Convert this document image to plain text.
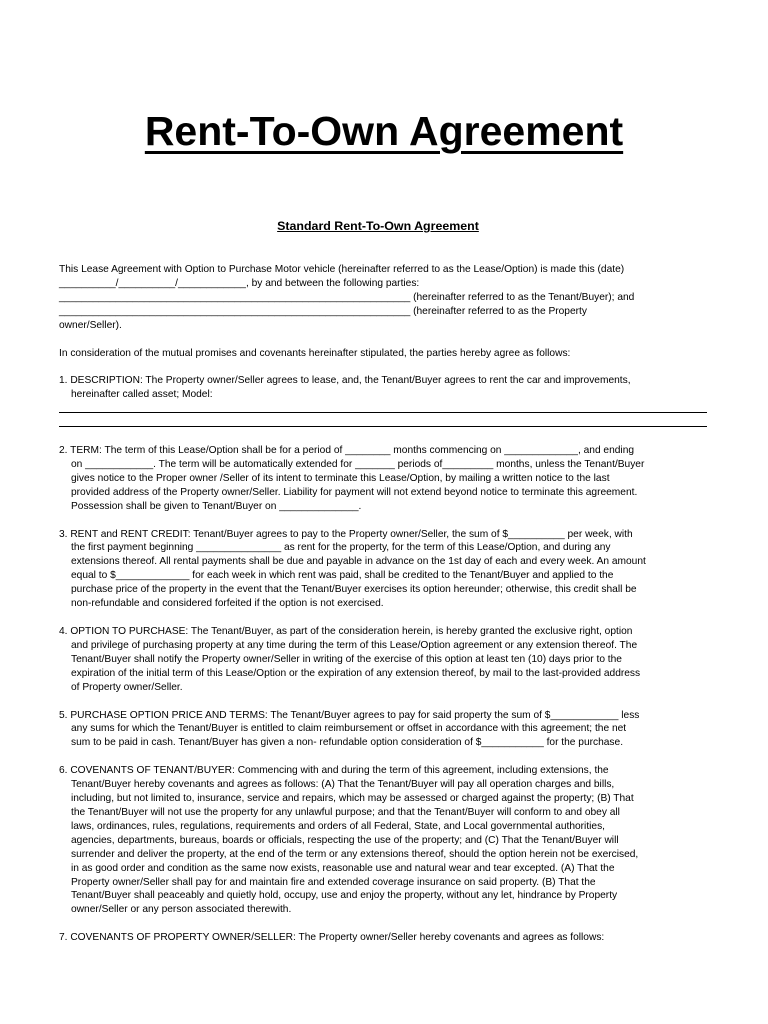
Rent-To-Own Agreement
Standard Rent-To-Own Agreement

This Lease Agreement with Option to Purchase Motor vehicle (hereinafter referred to as the Lease/Option) is made this (date)

__________/__________/____________, by and between the following parties:

______________________________________________________________ (hereinafter referred to as the Tenant/Buyer); and

______________________________________________________________ (hereinafter referred to as the Property

owner/Seller).

In consideration of the mutual promises and covenants hereinafter stipulated, the parties hereby agree as follows:

1. DESCRIPTION: The Property owner/Seller agrees to lease, and, the Tenant/Buyer agrees to rent the car and improvements,

hereinafter called asset; Model:

2. TERM: The term of this Lease/Option shall be for a period of ________ months commencing on _____________, and ending

on ____________. The term will be automatically extended for _______ periods of_________ months, unless the Tenant/Buyer

gives notice to the Proper owner /Seller of its intent to terminate this Lease/Option, by mailing a written notice to the last

provided address of the Property owner/Seller. Liability for payment will not extend beyond notice to terminate this agreement.

Possession shall be given to Tenant/Buyer on ______________.

3. RENT and RENT CREDIT: Tenant/Buyer agrees to pay to the Property owner/Seller, the sum of $__________ per week, with

the first payment beginning _______________ as rent for the property, for the term of this Lease/Option, and during any

extensions thereof. All rental payments shall be due and payable in advance on the 1st day of each and every week. An amount

equal to $_____________ for each week in which rent was paid, shall be credited to the Tenant/Buyer and applied to the

purchase price of the property in the event that the Tenant/Buyer exercises its option hereunder; otherwise, this credit shall be

non-refundable and considered forfeited if the option is not exercised.

4. OPTION TO PURCHASE: The Tenant/Buyer, as part of the consideration herein, is hereby granted the exclusive right, option

and privilege of purchasing property at any time during the term of this Lease/Option agreement or any extension thereof. The

Tenant/Buyer shall notify the Property owner/Seller in writing of the exercise of this option at least ten (10) days prior to the

expiration of the initial term of this Lease/Option or the expiration of any extension thereof, by mail to the last-provided address

of Property owner/Seller.

5. PURCHASE OPTION PRICE AND TERMS: The Tenant/Buyer agrees to pay for said property the sum of $____________ less

any sums for which the Tenant/Buyer is entitled to claim reimbursement or offset in accordance with this agreement; the net

sum to be paid in cash. Tenant/Buyer has given a non- refundable option consideration of $___________ for the purchase.

6. COVENANTS OF TENANT/BUYER: Commencing with and during the term of this agreement, including extensions, the

Tenant/Buyer hereby covenants and agrees as follows: (A) That the Tenant/Buyer will pay all operation charges and bills,

including, but not limited to, insurance, service and repairs, which may be assessed or charged against the property; (B) That

the Tenant/Buyer will not use the property for any unlawful purpose; and that the Tenant/Buyer will conform to and obey all

laws, ordinances, rules, regulations, requirements and orders of all Federal, State, and Local governmental authorities,

agencies, departments, bureaus, boards or officials, respecting the use of the property; and (C) That the Tenant/Buyer will

surrender and deliver the property, at the end of the term or any extensions thereof, should the option herein not be exercised,

in as good order and condition as the same now exists, reasonable use and natural wear and tear excepted. (A) That the

Property owner/Seller shall pay for and maintain fire and extended coverage insurance on said property. (B) That the

Tenant/Buyer shall peaceably and quietly hold, occupy, use and enjoy the property, without any let, hindrance by Property

owner/Seller or any person associated therewith.

7. COVENANTS OF PROPERTY OWNER/SELLER: The Property owner/Seller hereby covenants and agrees as follows:
